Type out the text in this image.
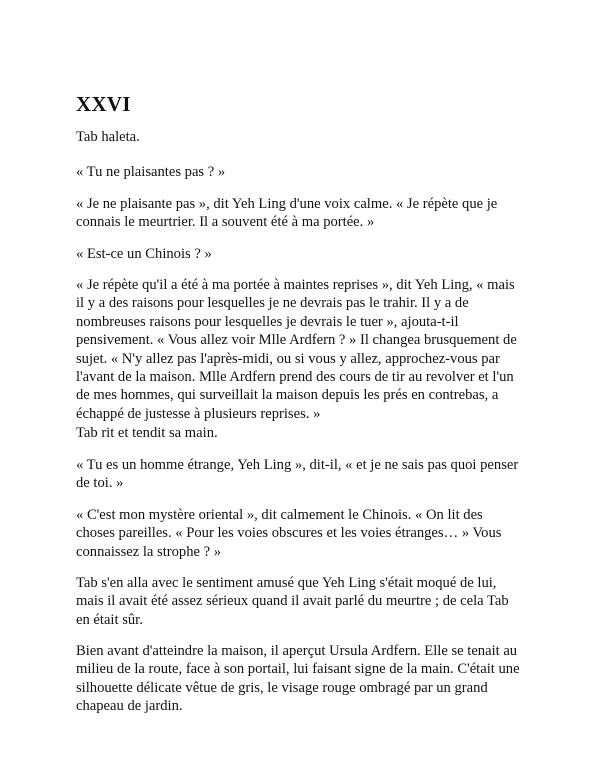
XXVI

Tab haleta.

« Tu ne plaisantes pas ? »

« Je ne plaisante pas », dit Yeh Ling d'une voix calme. « Je répète que je
connais le meurtrier. Il a souvent été à ma portée. »

« Est-ce un Chinois ? »

« Je répète qu'il a été à ma portée à maintes reprises », dit Yeh Ling, « mais
il y a des raisons pour lesquelles je ne devrais pas le trahir. Il y a de
nombreuses raisons pour lesquelles je devrais le tuer », ajouta-t-il
pensivement. « Vous allez voir Mlle Ardfern ? » Il changea brusquement de
sujet. « N'y allez pas l'après-midi, ou si vous y allez, approchez-vous par
l'avant de la maison. Mlle Ardfern prend des cours de tir au revolver et l'un
de mes hommes, qui surveillait la maison depuis les prés en contrebas, a
échappé de justesse à plusieurs reprises. »

Tab rit et tendit sa main.

« Tu es un homme étrange, Yeh Ling », dit-il, « et je ne sais pas quoi penser
de toi. »

« C'est mon mystère oriental », dit calmement le Chinois. « On lit des
choses pareilles. « Pour les voies obscures et les voies étranges… » Vous
connaissez la strophe ? »

Tab s'en alla avec le sentiment amusé que Yeh Ling s'était moqué de lui,
mais il avait été assez sérieux quand il avait parlé du meurtre ; de cela Tab
en était sûr.

Bien avant d'atteindre la maison, il aperçut Ursula Ardfern. Elle se tenait au
milieu de la route, face à son portail, lui faisant signe de la main. C'était une
silhouette délicate vêtue de gris, le visage rouge ombragé par un grand
chapeau de jardin.
